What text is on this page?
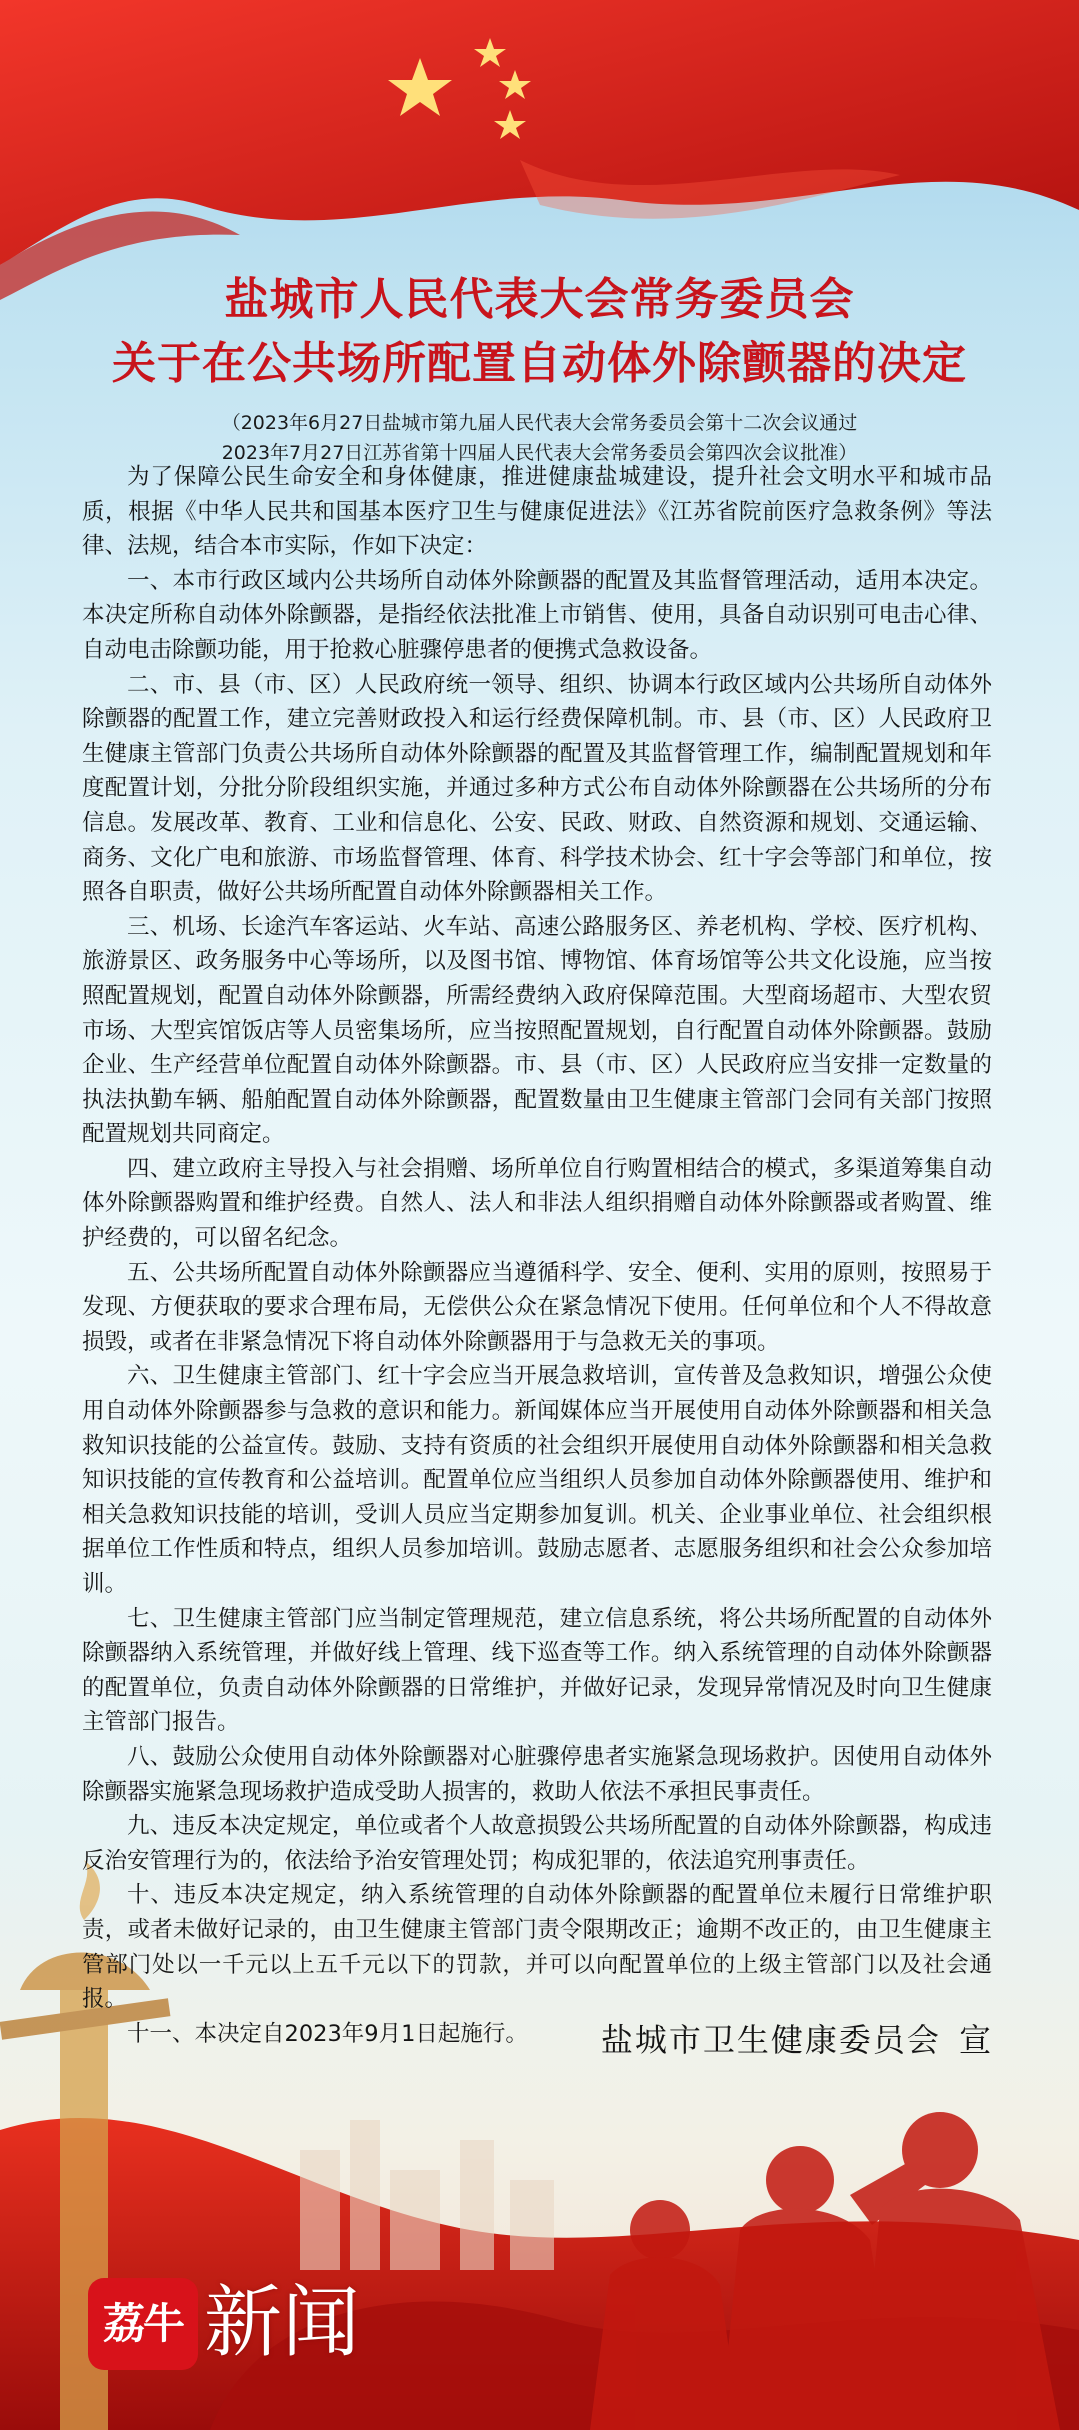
盐城市人民代表大会常务委员会
关于在公共场所配置自动体外除颤器的决定
（2023年6月27日盐城市第九届人民代表大会常务委员会第十二次会议通过
2023年7月27日江苏省第十四届人民代表大会常务委员会第四次会议批准）

为了保障公民生命安全和身体健康，推进健康盐城建设，提升社会文明水平和城市品质，根据《中华人民共和国基本医疗卫生与健康促进法》《江苏省院前医疗急救条例》等法律、法规，结合本市实际，作如下决定：

一、本市行政区域内公共场所自动体外除颤器的配置及其监督管理活动，适用本决定。本决定所称自动体外除颤器，是指经依法批准上市销售、使用，具备自动识别可电击心律、自动电击除颤功能，用于抢救心脏骤停患者的便携式急救设备。

二、市、县（市、区）人民政府统一领导、组织、协调本行政区域内公共场所自动体外除颤器的配置工作，建立完善财政投入和运行经费保障机制。市、县（市、区）人民政府卫生健康主管部门负责公共场所自动体外除颤器的配置及其监督管理工作，编制配置规划和年度配置计划，分批分阶段组织实施，并通过多种方式公布自动体外除颤器在公共场所的分布信息。发展改革、教育、工业和信息化、公安、民政、财政、自然资源和规划、交通运输、商务、文化广电和旅游、市场监督管理、体育、科学技术协会、红十字会等部门和单位，按照各自职责，做好公共场所配置自动体外除颤器相关工作。

三、机场、长途汽车客运站、火车站、高速公路服务区、养老机构、学校、医疗机构、旅游景区、政务服务中心等场所，以及图书馆、博物馆、体育场馆等公共文化设施，应当按照配置规划，配置自动体外除颤器，所需经费纳入政府保障范围。大型商场超市、大型农贸市场、大型宾馆饭店等人员密集场所，应当按照配置规划，自行配置自动体外除颤器。鼓励企业、生产经营单位配置自动体外除颤器。市、县（市、区）人民政府应当安排一定数量的执法执勤车辆、船舶配置自动体外除颤器，配置数量由卫生健康主管部门会同有关部门按照配置规划共同商定。

四、建立政府主导投入与社会捐赠、场所单位自行购置相结合的模式，多渠道筹集自动体外除颤器购置和维护经费。自然人、法人和非法人组织捐赠自动体外除颤器或者购置、维护经费的，可以留名纪念。

五、公共场所配置自动体外除颤器应当遵循科学、安全、便利、实用的原则，按照易于发现、方便获取的要求合理布局，无偿供公众在紧急情况下使用。任何单位和个人不得故意损毁，或者在非紧急情况下将自动体外除颤器用于与急救无关的事项。

六、卫生健康主管部门、红十字会应当开展急救培训，宣传普及急救知识，增强公众使用自动体外除颤器参与急救的意识和能力。新闻媒体应当开展使用自动体外除颤器和相关急救知识技能的公益宣传。鼓励、支持有资质的社会组织开展使用自动体外除颤器和相关急救知识技能的宣传教育和公益培训。配置单位应当组织人员参加自动体外除颤器使用、维护和相关急救知识技能的培训，受训人员应当定期参加复训。机关、企业事业单位、社会组织根据单位工作性质和特点，组织人员参加培训。鼓励志愿者、志愿服务组织和社会公众参加培训。

七、卫生健康主管部门应当制定管理规范，建立信息系统，将公共场所配置的自动体外除颤器纳入系统管理，并做好线上管理、线下巡查等工作。纳入系统管理的自动体外除颤器的配置单位，负责自动体外除颤器的日常维护，并做好记录，发现异常情况及时向卫生健康主管部门报告。

八、鼓励公众使用自动体外除颤器对心脏骤停患者实施紧急现场救护。因使用自动体外除颤器实施紧急现场救护造成受助人损害的，救助人依法不承担民事责任。

九、违反本决定规定，单位或者个人故意损毁公共场所配置的自动体外除颤器，构成违反治安管理行为的，依法给予治安管理处罚；构成犯罪的，依法追究刑事责任。

十、违反本决定规定，纳入系统管理的自动体外除颤器的配置单位未履行日常维护职责，或者未做好记录的，由卫生健康主管部门责令限期改正；逾期不改正的，由卫生健康主管部门处以一千元以上五千元以下的罚款，并可以向配置单位的上级主管部门以及社会通报。

十一、本决定自2023年9月1日起施行。	盐城市卫生健康委员会 宣
荔牛 新闻
